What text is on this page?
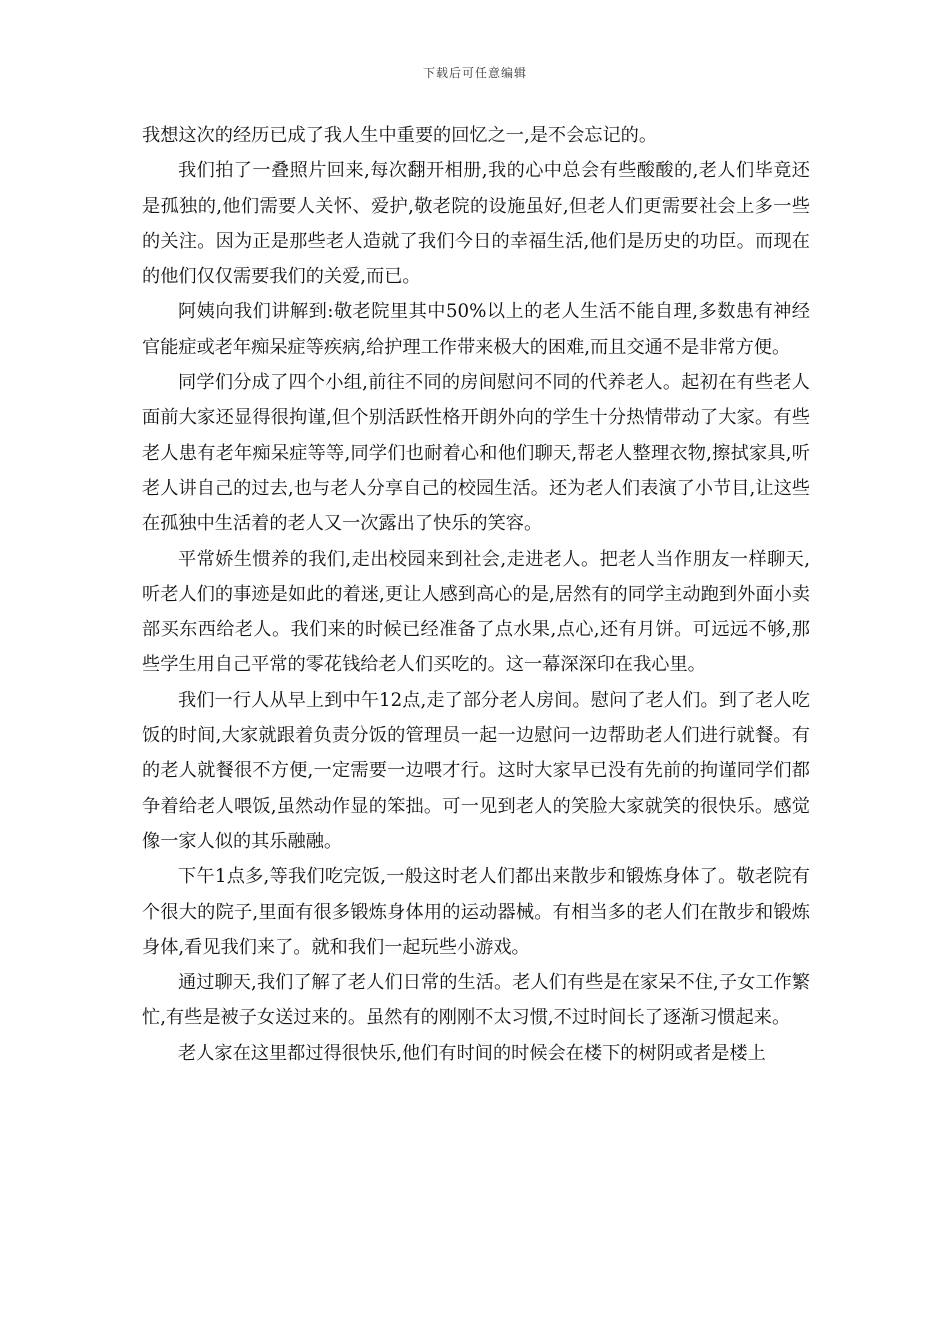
下载后可任意编辑

我想这次的经历已成了我人生中重要的回忆之一,是不会忘记的。

我们拍了一叠照片回来,每次翻开相册,我的心中总会有些酸酸的,老人们毕竟还是孤独的,他们需要人关怀、爱护,敬老院的设施虽好,但老人们更需要社会上多一些的关注。因为正是那些老人造就了我们今日的幸福生活,他们是历史的功臣。而现在的他们仅仅需要我们的关爱,而已。

阿姨向我们讲解到:敬老院里其中50%以上的老人生活不能自理,多数患有神经官能症或老年痴呆症等疾病,给护理工作带来极大的困难,而且交通不是非常方便。

同学们分成了四个小组,前往不同的房间慰问不同的代养老人。起初在有些老人面前大家还显得很拘谨,但个别活跃性格开朗外向的学生十分热情带动了大家。有些老人患有老年痴呆症等等,同学们也耐着心和他们聊天,帮老人整理衣物,擦拭家具,听老人讲自己的过去,也与老人分享自己的校园生活。还为老人们表演了小节目,让这些在孤独中生活着的老人又一次露出了快乐的笑容。

平常娇生惯养的我们,走出校园来到社会,走进老人。把老人当作朋友一样聊天,听老人们的事迹是如此的着迷,更让人感到高心的是,居然有的同学主动跑到外面小卖部买东西给老人。我们来的时候已经准备了点水果,点心,还有月饼。可远远不够,那些学生用自己平常的零花钱给老人们买吃的。这一幕深深印在我心里。

我们一行人从早上到中午12点,走了部分老人房间。慰问了老人们。到了老人吃饭的时间,大家就跟着负责分饭的管理员一起一边慰问一边帮助老人们进行就餐。有的老人就餐很不方便,一定需要一边喂才行。这时大家早已没有先前的拘谨同学们都争着给老人喂饭,虽然动作显的笨拙。可一见到老人的笑脸大家就笑的很快乐。感觉像一家人似的其乐融融。

下午1点多,等我们吃完饭,一般这时老人们都出来散步和锻炼身体了。敬老院有个很大的院子,里面有很多锻炼身体用的运动器械。有相当多的老人们在散步和锻炼身体,看见我们来了。就和我们一起玩些小游戏。

通过聊天,我们了解了老人们日常的生活。老人们有些是在家呆不住,子女工作繁忙,有些是被子女送过来的。虽然有的刚刚不太习惯,不过时间长了逐渐习惯起来。

老人家在这里都过得很快乐,他们有时间的时候会在楼下的树阴或者是楼上
